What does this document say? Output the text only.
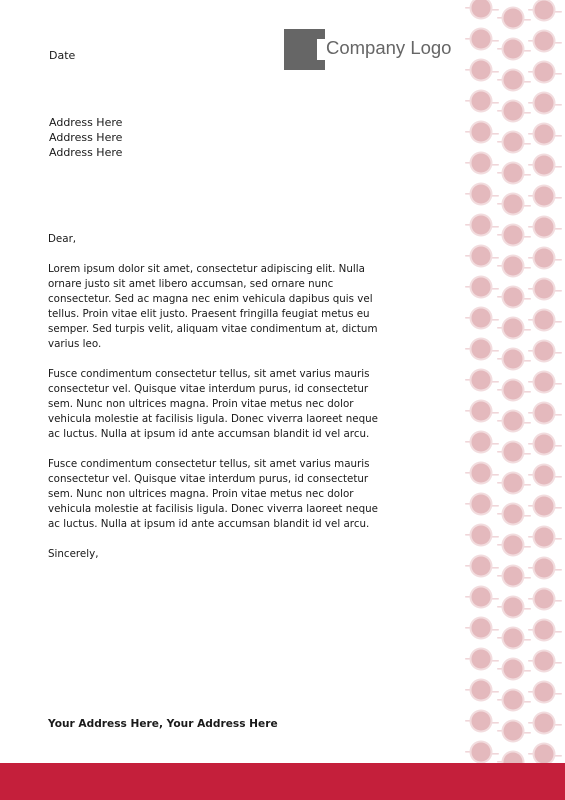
Company Logo
Date
Address Here
Address Here
Address Here

Dear,

Lorem ipsum dolor sit amet, consectetur adipiscing elit. Nulla ornare justo sit amet libero accumsan, sed ornare nunc consectetur. Sed ac magna nec enim vehicula dapibus quis vel tellus. Proin vitae elit justo. Praesent fringilla feugiat metus eu semper. Sed turpis velit, aliquam vitae condimentum at, dictum varius leo.

Fusce condimentum consectetur tellus, sit amet varius mauris consectetur vel. Quisque vitae interdum purus, id consectetur sem. Nunc non ultrices magna. Proin vitae metus nec dolor vehicula molestie at facilisis ligula. Donec viverra laoreet neque ac luctus. Nulla at ipsum id ante accumsan blandit id vel arcu.

Fusce condimentum consectetur tellus, sit amet varius mauris consectetur vel. Quisque vitae interdum purus, id consectetur sem. Nunc non ultrices magna. Proin vitae metus nec dolor vehicula molestie at facilisis ligula. Donec viverra laoreet neque ac luctus. Nulla at ipsum id ante accumsan blandit id vel arcu.

Sincerely,

Your Address Here, Your Address Here
